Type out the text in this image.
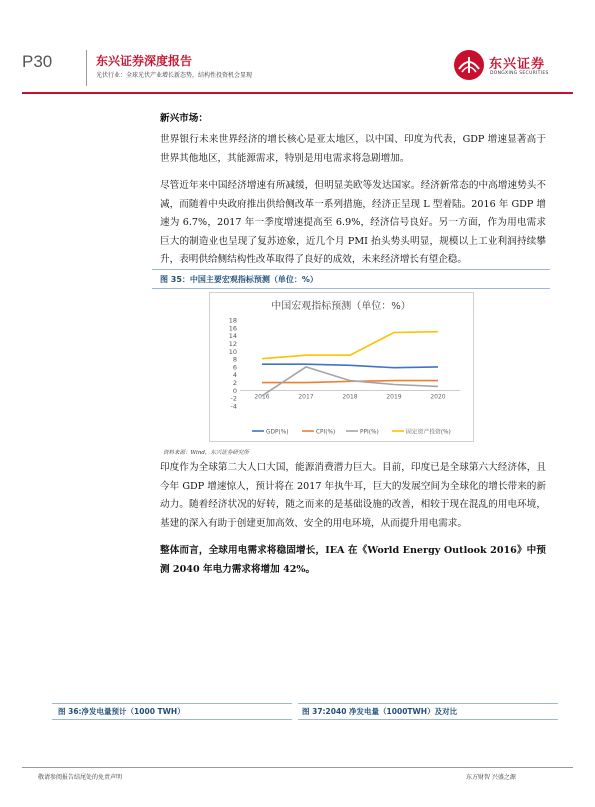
P30	东兴证券深度报告
光伏行业：全球光伏产业增长新态势，结构性投资机会显现
东兴证券
DONGXING SECURITIES
新兴市场：
世界银行未来世界经济的增长核心是亚太地区，以中国、印度为代表，GDP 增速显著高于世界其他地区，其能源需求，特别是用电需求将急剧增加。
尽管近年来中国经济增速有所减缓，但明显美欧等发达国家。经济新常态的中高增速势头不减，而随着中央政府推出供给侧改革一系列措施，经济正呈现 L 型着陆。2016 年 GDP 增速为 6.7%，2017 年一季度增速提高至 6.9%，经济信号良好。另一方面，作为用电需求巨大的制造业也呈现了复苏迹象，近几个月 PMI 抬头势头明显，规模以上工业利润持续攀升，表明供给侧结构性改革取得了良好的成效，未来经济增长有望企稳。
图 35：中国主要宏观指标预测（单位：%）
中国宏观指标预测（单位：%）
-4
-2
0
2
4
6
8
10
12
14
16
18
2016	2017	2018	2019	2020
GDP(%)	CPI(%)	PPI(%)	固定资产投资(%)
资料来源：Wind，东兴证券研究所
印度作为全球第二大人口大国，能源消费潜力巨大。目前，印度已是全球第六大经济体，且今年 GDP 增速惊人，预计将在 2017 年执牛耳，巨大的发展空间为全球化的增长带来的新动力。随着经济状况的好转，随之而来的是基础设施的改善，相较于现在混乱的用电环境，基建的深入有助于创建更加高效、安全的用电环境，从而提升用电需求。
整体而言，全球用电需求将稳固增长，IEA 在《World Energy Outlook 2016》中预测 2040 年电力需求将增加 42%。
图 36:净发电量预计（1000 TWH）	图 37:2040 净发电量（1000TWH）及对比
敬请参阅报告结尾处的免责声明	东方财智 兴盛之源
